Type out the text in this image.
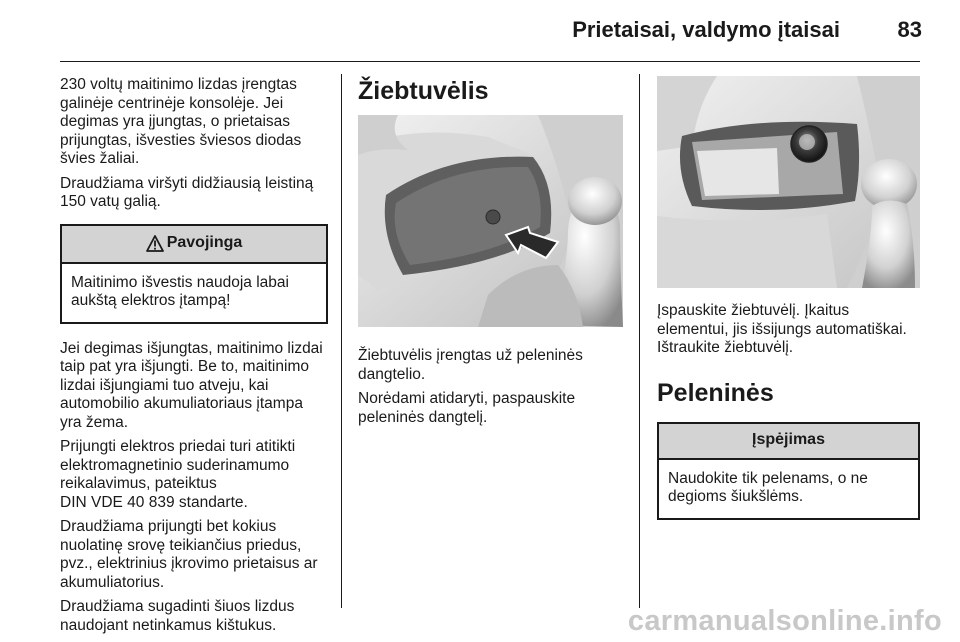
Prietaisai, valdymo įtaisai	83

230 voltų maitinimo lizdas įrengtas galinėje centrinėje konsolėje. Jei degimas yra įjungtas, o prietaisas prijungtas, išvesties šviesos diodas švies žaliai.

Draudžiama viršyti didžiausią leistiną 150 vatų galią.

Pavojinga
Maitinimo išvestis naudoja labai aukštą elektros įtampą!

Jei degimas išjungtas, maitinimo lizdai taip pat yra išjungti. Be to, maitinimo lizdai išjungiami tuo atveju, kai automobilio akumuliatoriaus įtampa yra žema.

Prijungti elektros priedai turi atitikti elektromagnetinio suderinamumo reikalavimus, pateiktus
DIN VDE 40 839 standarte.

Draudžiama prijungti bet kokius nuolatinę srovę teikiančius priedus, pvz., elektrinius įkrovimo prietaisus ar akumuliatorius.

Draudžiama sugadinti šiuos lizdus naudojant netinkamus kištukus.

Žiebtuvėlis

Žiebtuvėlis įrengtas už peleninės dangtelio.

Norėdami atidaryti, paspauskite peleninės dangtelį.

Įspauskite žiebtuvėlį. Įkaitus elementui, jis išsijungs automatiškai. Ištraukite žiebtuvėlį.

Peleninės
Įspėjimas
Naudokite tik pelenams, o ne degioms šiukšlėms.
carmanualsonline.info
